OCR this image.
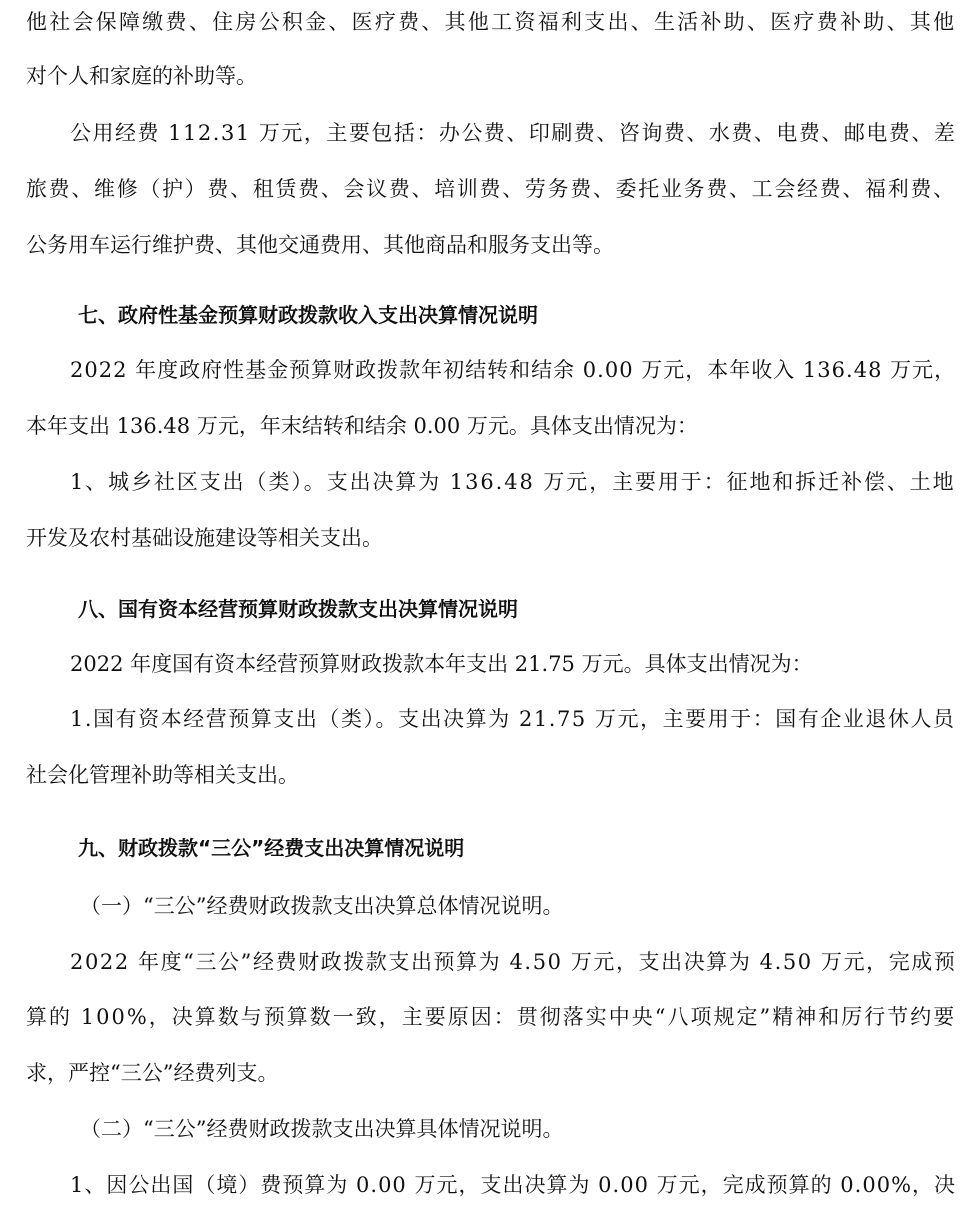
他社会保障缴费、住房公积金、医疗费、其他工资福利支出、生活补助、医疗费补助、其他
对个人和家庭的补助等。
公用经费 112.31 万元，主要包括：办公费、印刷费、咨询费、水费、电费、邮电费、差
旅费、维修（护）费、租赁费、会议费、培训费、劳务费、委托业务费、工会经费、福利费、
公务用车运行维护费、其他交通费用、其他商品和服务支出等。
七、政府性基金预算财政拨款收入支出决算情况说明
2022 年度政府性基金预算财政拨款年初结转和结余 0.00 万元，本年收入 136.48 万元，
本年支出 136.48 万元，年末结转和结余 0.00 万元。具体支出情况为：
1、城乡社区支出（类）。支出决算为 136.48 万元，主要用于：征地和拆迁补偿、土地
开发及农村基础设施建设等相关支出。
八、国有资本经营预算财政拨款支出决算情况说明
2022 年度国有资本经营预算财政拨款本年支出 21.75 万元。具体支出情况为：
1.国有资本经营预算支出（类）。支出决算为 21.75 万元，主要用于：国有企业退休人员
社会化管理补助等相关支出。
九、财政拨款“三公”经费支出决算情况说明
（一）“三公”经费财政拨款支出决算总体情况说明。
2022 年度“三公”经费财政拨款支出预算为 4.50 万元，支出决算为 4.50 万元，完成预
算的 100%，决算数与预算数一致，主要原因：贯彻落实中央“八项规定”精神和厉行节约要
求，严控“三公”经费列支。
（二）“三公”经费财政拨款支出决算具体情况说明。
1、因公出国（境）费预算为 0.00 万元，支出决算为 0.00 万元，完成预算的 0.00%，决
